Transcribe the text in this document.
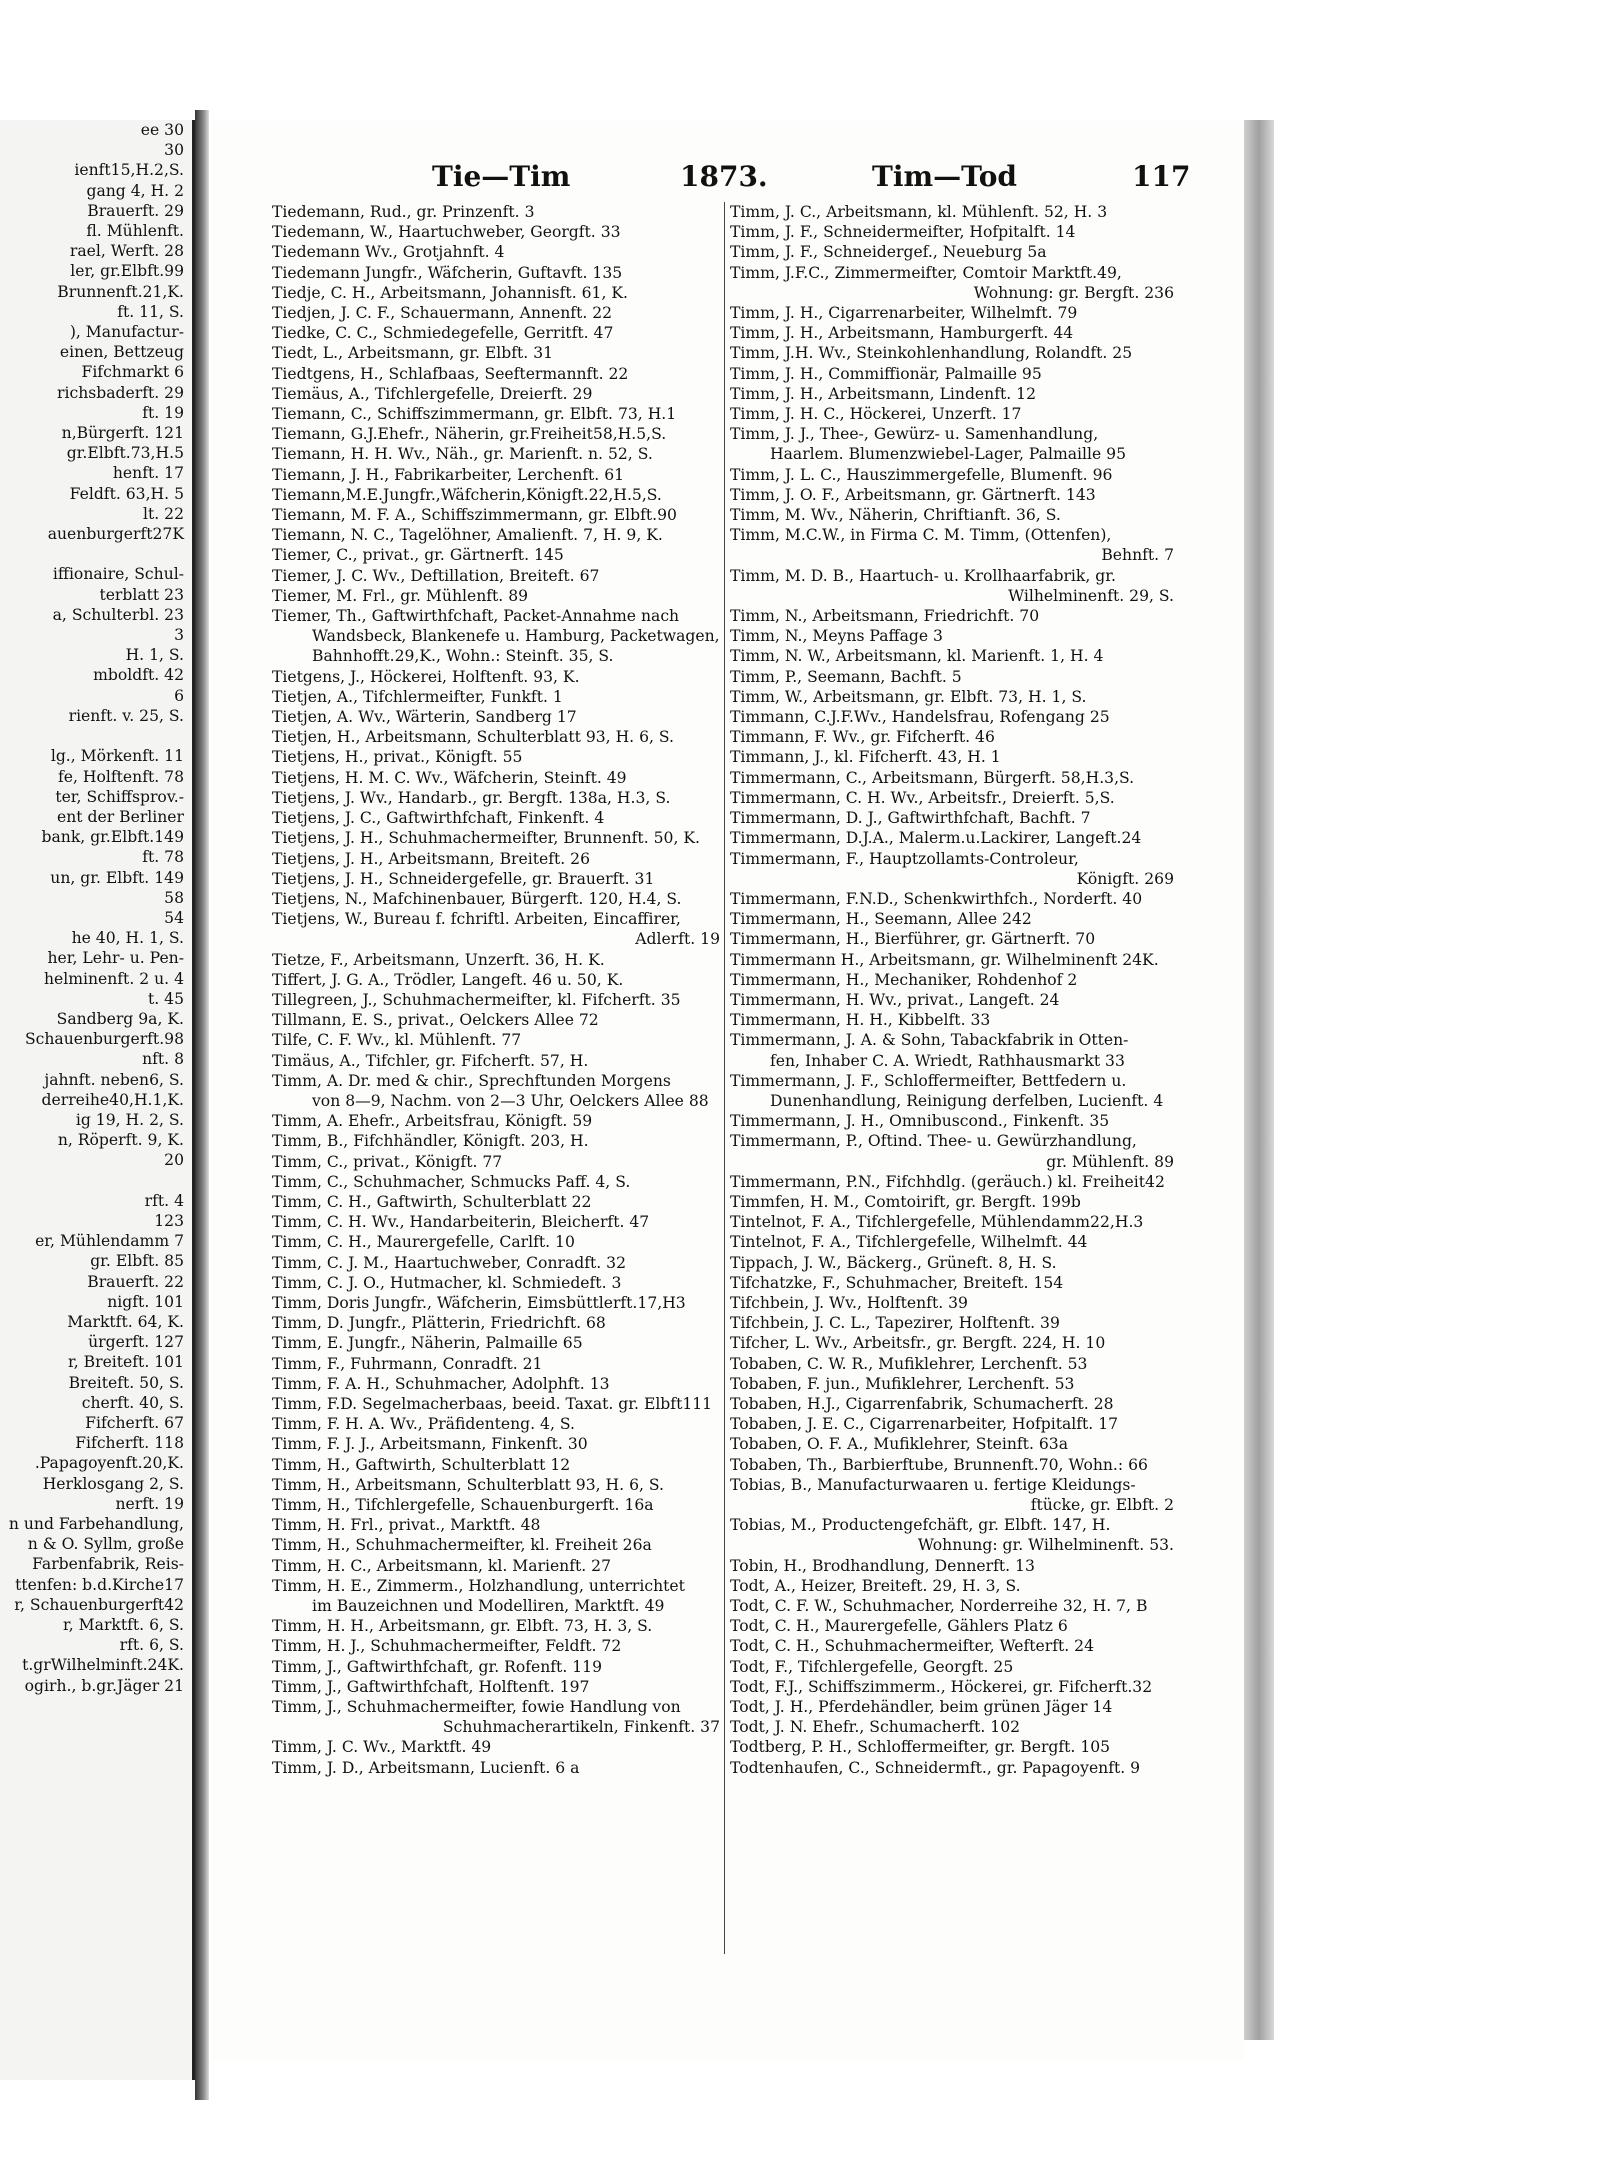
ee 30
30
ienft15,H.2,S.
gang 4, H. 2
Brauerft. 29
fl. Mühlenft.
rael, Werft. 28
ler, gr.Elbft.99
Brunnenft.21,K.
ft. 11, S.
), Manufactur-
einen, Bettzeug
Fifchmarkt 6
richsbaderft. 29
ft. 19
n,Bürgerft. 121
gr.Elbft.73,H.5
henft. 17
Feldft. 63,H. 5
lt. 22
auenburgerft27K

iffionaire, Schul-
terblatt 23
a, Schulterbl. 23
3
H. 1, S.
mboldft. 42
6
rienft. v. 25, S.

lg., Mörkenft. 11
fe, Holftenft. 78
ter, Schiffsprov.-
ent der Berliner
bank, gr.Elbft.149
ft. 78
un, gr. Elbft. 149
58
54
he 40, H. 1, S.
her, Lehr- u. Pen-
helminenft. 2 u. 4
t. 45
Sandberg 9a, K.
Schauenburgerft.98
nft. 8
jahnft. neben6, S.
derreihe40,H.1,K.
ig 19, H. 2, S.
n, Röperft. 9, K.
20

rft. 4
123
er, Mühlendamm 7
gr. Elbft. 85
Brauerft. 22
nigft. 101
Marktft. 64, K.
ürgerft. 127
r, Breiteft. 101
Breiteft. 50, S.
cherft. 40, S.
Fifcherft. 67
Fifcherft. 118
.Papagoyenft.20,K.
Herklosgang 2, S.
nerft. 19
n und Farbehandlung,
n & O. Syllm, große
Farbenfabrik, Reis-
ttenfen: b.d.Kirche17
r, Schauenburgerft42
r, Marktft. 6, S.
rft. 6, S.
t.grWilhelminft.24K.
ogirh., b.gr.Jäger 21
Tie—Tim	1873.	Tim—Tod	117
Tiedemann, Rud., gr. Prinzenft. 3
Tiedemann, W., Haartuchweber, Georgft. 33
Tiedemann Wv., Grotjahnft. 4
Tiedemann Jungfr., Wäfcherin, Guftavft. 135
Tiedje, C. H., Arbeitsmann, Johannisft. 61, K.
Tiedjen, J. C. F., Schauermann, Annenft. 22
Tiedke, C. C., Schmiedegefelle, Gerritft. 47
Tiedt, L., Arbeitsmann, gr. Elbft. 31
Tiedtgens, H., Schlafbaas, Seeftermannft. 22
Tiemäus, A., Tifchlergefelle, Dreierft. 29
Tiemann, C., Schiffszimmermann, gr. Elbft. 73, H.1
Tiemann, G.J.Ehefr., Näherin, gr.Freiheit58,H.5,S.
Tiemann, H. H. Wv., Näh., gr. Marienft. n. 52, S.
Tiemann, J. H., Fabrikarbeiter, Lerchenft. 61
Tiemann,M.E.Jungfr.,Wäfcherin,Königft.22,H.5,S.
Tiemann, M. F. A., Schiffszimmermann, gr. Elbft.90
Tiemann, N. C., Tagelöhner, Amalienft. 7, H. 9, K.
Tiemer, C., privat., gr. Gärtnerft. 145
Tiemer, J. C. Wv., Deftillation, Breiteft. 67
Tiemer, M. Frl., gr. Mühlenft. 89
Tiemer, Th., Gaftwirthfchaft, Packet-Annahme nach
Wandsbeck, Blankenefe u. Hamburg, Packetwagen,
Bahnhofft.29,K., Wohn.: Steinft. 35, S.
Tietgens, J., Höckerei, Holftenft. 93, K.
Tietjen, A., Tifchlermeifter, Funkft. 1
Tietjen, A. Wv., Wärterin, Sandberg 17
Tietjen, H., Arbeitsmann, Schulterblatt 93, H. 6, S.
Tietjens, H., privat., Königft. 55
Tietjens, H. M. C. Wv., Wäfcherin, Steinft. 49
Tietjens, J. Wv., Handarb., gr. Bergft. 138a, H.3, S.
Tietjens, J. C., Gaftwirthfchaft, Finkenft. 4
Tietjens, J. H., Schuhmachermeifter, Brunnenft. 50, K.
Tietjens, J. H., Arbeitsmann, Breiteft. 26
Tietjens, J. H., Schneidergefelle, gr. Brauerft. 31
Tietjens, N., Mafchinenbauer, Bürgerft. 120, H.4, S.
Tietjens, W., Bureau f. fchriftl. Arbeiten, Eincaffirer,
Adlerft. 19
Tietze, F., Arbeitsmann, Unzerft. 36, H. K.
Tiffert, J. G. A., Trödler, Langeft. 46 u. 50, K.
Tillegreen, J., Schuhmachermeifter, kl. Fifcherft. 35
Tillmann, E. S., privat., Oelckers Allee 72
Tilfe, C. F. Wv., kl. Mühlenft. 77
Timäus, A., Tifchler, gr. Fifcherft. 57, H.
Timm, A. Dr. med & chir., Sprechftunden Morgens
von 8—9, Nachm. von 2—3 Uhr, Oelckers Allee 88
Timm, A. Ehefr., Arbeitsfrau, Königft. 59
Timm, B., Fifchhändler, Königft. 203, H.
Timm, C., privat., Königft. 77
Timm, C., Schuhmacher, Schmucks Paff. 4, S.
Timm, C. H., Gaftwirth, Schulterblatt 22
Timm, C. H. Wv., Handarbeiterin, Bleicherft. 47
Timm, C. H., Maurergefelle, Carlft. 10
Timm, C. J. M., Haartuchweber, Conradft. 32
Timm, C. J. O., Hutmacher, kl. Schmiedeft. 3
Timm, Doris Jungfr., Wäfcherin, Eimsbüttlerft.17,H3
Timm, D. Jungfr., Plätterin, Friedrichft. 68
Timm, E. Jungfr., Näherin, Palmaille 65
Timm, F., Fuhrmann, Conradft. 21
Timm, F. A. H., Schuhmacher, Adolphft. 13
Timm, F.D. Segelmacherbaas, beeid. Taxat. gr. Elbft111
Timm, F. H. A. Wv., Präfidenteng. 4, S.
Timm, F. J. J., Arbeitsmann, Finkenft. 30
Timm, H., Gaftwirth, Schulterblatt 12
Timm, H., Arbeitsmann, Schulterblatt 93, H. 6, S.
Timm, H., Tifchlergefelle, Schauenburgerft. 16a
Timm, H. Frl., privat., Marktft. 48
Timm, H., Schuhmachermeifter, kl. Freiheit 26a
Timm, H. C., Arbeitsmann, kl. Marienft. 27
Timm, H. E., Zimmerm., Holzhandlung, unterrichtet
im Bauzeichnen und Modelliren, Marktft. 49
Timm, H. H., Arbeitsmann, gr. Elbft. 73, H. 3, S.
Timm, H. J., Schuhmachermeifter, Feldft. 72
Timm, J., Gaftwirthfchaft, gr. Rofenft. 119
Timm, J., Gaftwirthfchaft, Holftenft. 197
Timm, J., Schuhmachermeifter, fowie Handlung von
Schuhmacherartikeln, Finkenft. 37
Timm, J. C. Wv., Marktft. 49
Timm, J. D., Arbeitsmann, Lucienft. 6 a
Timm, J. C., Arbeitsmann, kl. Mühlenft. 52, H. 3
Timm, J. F., Schneidermeifter, Hofpitalft. 14
Timm, J. F., Schneidergef., Neueburg 5a
Timm, J.F.C., Zimmermeifter, Comtoir Marktft.49,
Wohnung: gr. Bergft. 236
Timm, J. H., Cigarrenarbeiter, Wilhelmft. 79
Timm, J. H., Arbeitsmann, Hamburgerft. 44
Timm, J.H. Wv., Steinkohlenhandlung, Rolandft. 25
Timm, J. H., Commiffionär, Palmaille 95
Timm, J. H., Arbeitsmann, Lindenft. 12
Timm, J. H. C., Höckerei, Unzerft. 17
Timm, J. J., Thee-, Gewürz- u. Samenhandlung,
Haarlem. Blumenzwiebel-Lager, Palmaille 95
Timm, J. L. C., Hauszimmergefelle, Blumenft. 96
Timm, J. O. F., Arbeitsmann, gr. Gärtnerft. 143
Timm, M. Wv., Näherin, Chriftianft. 36, S.
Timm, M.C.W., in Firma C. M. Timm, (Ottenfen),
Behnft. 7
Timm, M. D. B., Haartuch- u. Krollhaarfabrik, gr.
Wilhelminenft. 29, S.
Timm, N., Arbeitsmann, Friedrichft. 70
Timm, N., Meyns Paffage 3
Timm, N. W., Arbeitsmann, kl. Marienft. 1, H. 4
Timm, P., Seemann, Bachft. 5
Timm, W., Arbeitsmann, gr. Elbft. 73, H. 1, S.
Timmann, C.J.F.Wv., Handelsfrau, Rofengang 25
Timmann, F. Wv., gr. Fifcherft. 46
Timmann, J., kl. Fifcherft. 43, H. 1
Timmermann, C., Arbeitsmann, Bürgerft. 58,H.3,S.
Timmermann, C. H. Wv., Arbeitsfr., Dreierft. 5,S.
Timmermann, D. J., Gaftwirthfchaft, Bachft. 7
Timmermann, D.J.A., Malerm.u.Lackirer, Langeft.24
Timmermann, F., Hauptzollamts-Controleur,
Königft. 269
Timmermann, F.N.D., Schenkwirthfch., Norderft. 40
Timmermann, H., Seemann, Allee 242
Timmermann, H., Bierführer, gr. Gärtnerft. 70
Timmermann H., Arbeitsmann, gr. Wilhelminenft 24K.
Timmermann, H., Mechaniker, Rohdenhof 2
Timmermann, H. Wv., privat., Langeft. 24
Timmermann, H. H., Kibbelft. 33
Timmermann, J. A. & Sohn, Tabackfabrik in Otten-
fen, Inhaber C. A. Wriedt, Rathhausmarkt 33
Timmermann, J. F., Schloffermeifter, Bettfedern u.
Dunenhandlung, Reinigung derfelben, Lucienft. 4
Timmermann, J. H., Omnibuscond., Finkenft. 35
Timmermann, P., Oftind. Thee- u. Gewürzhandlung,
gr. Mühlenft. 89
Timmermann, P.N., Fifchhdlg. (geräuch.) kl. Freiheit42
Timmfen, H. M., Comtoirift, gr. Bergft. 199b
Tintelnot, F. A., Tifchlergefelle, Mühlendamm22,H.3
Tintelnot, F. A., Tifchlergefelle, Wilhelmft. 44
Tippach, J. W., Bäckerg., Grüneft. 8, H. S.
Tifchatzke, F., Schuhmacher, Breiteft. 154
Tifchbein, J. Wv., Holftenft. 39
Tifchbein, J. C. L., Tapezirer, Holftenft. 39
Tifcher, L. Wv., Arbeitsfr., gr. Bergft. 224, H. 10
Tobaben, C. W. R., Mufiklehrer, Lerchenft. 53
Tobaben, F. jun., Mufiklehrer, Lerchenft. 53
Tobaben, H.J., Cigarrenfabrik, Schumacherft. 28
Tobaben, J. E. C., Cigarrenarbeiter, Hofpitalft. 17
Tobaben, O. F. A., Mufiklehrer, Steinft. 63a
Tobaben, Th., Barbierftube, Brunnenft.70, Wohn.: 66
Tobias, B., Manufacturwaaren u. fertige Kleidungs-
ftücke, gr. Elbft. 2
Tobias, M., Productengefchäft, gr. Elbft. 147, H.
Wohnung: gr. Wilhelminenft. 53.
Tobin, H., Brodhandlung, Dennerft. 13
Todt, A., Heizer, Breiteft. 29, H. 3, S.
Todt, C. F. W., Schuhmacher, Norderreihe 32, H. 7, B
Todt, C. H., Maurergefelle, Gählers Platz 6
Todt, C. H., Schuhmachermeifter, Wefterft. 24
Todt, F., Tifchlergefelle, Georgft. 25
Todt, F.J., Schiffszimmerm., Höckerei, gr. Fifcherft.32
Todt, J. H., Pferdehändler, beim grünen Jäger 14
Todt, J. N. Ehefr., Schumacherft. 102
Todtberg, P. H., Schloffermeifter, gr. Bergft. 105
Todtenhaufen, C., Schneidermft., gr. Papagoyenft. 9
